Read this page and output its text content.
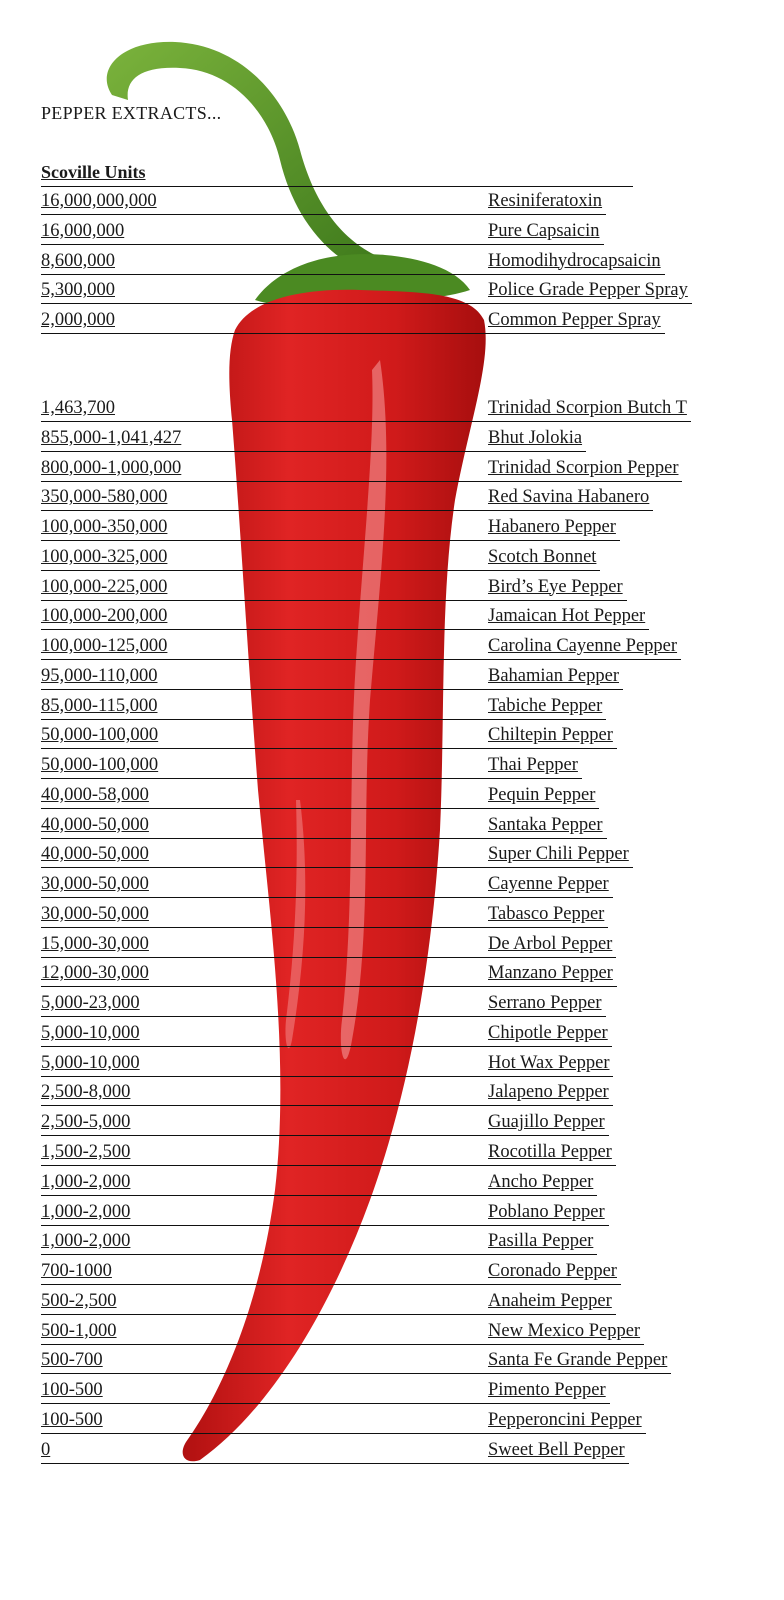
PEPPER EXTRACTS...
Scoville Units
16,000,000,000	Resiniferatoxin
16,000,000	Pure Capsaicin
8,600,000	Homodihydrocapsaicin
5,300,000	Police Grade Pepper Spray
2,000,000	Common Pepper Spray
1,463,700	Trinidad Scorpion Butch T
855,000-1,041,427	Bhut Jolokia
800,000-1,000,000	Trinidad Scorpion Pepper
350,000-580,000	Red Savina Habanero
100,000-350,000	Habanero Pepper
100,000-325,000	Scotch Bonnet
100,000-225,000	Bird’s Eye Pepper
100,000-200,000	Jamaican Hot Pepper
100,000-125,000	Carolina Cayenne Pepper
95,000-110,000	Bahamian Pepper
85,000-115,000	Tabiche Pepper
50,000-100,000	Chiltepin Pepper
50,000-100,000	Thai Pepper
40,000-58,000	Pequin Pepper
40,000-50,000	Santaka Pepper
40,000-50,000	Super Chili Pepper
30,000-50,000	Cayenne Pepper
30,000-50,000	Tabasco Pepper
15,000-30,000	De Arbol Pepper
12,000-30,000	Manzano Pepper
5,000-23,000	Serrano Pepper
5,000-10,000	Chipotle Pepper
5,000-10,000	Hot Wax Pepper
2,500-8,000	Jalapeno Pepper
2,500-5,000	Guajillo Pepper
1,500-2,500	Rocotilla Pepper
1,000-2,000	Ancho Pepper
1,000-2,000	Poblano Pepper
1,000-2,000	Pasilla Pepper
700-1000	Coronado Pepper
500-2,500	Anaheim Pepper
500-1,000	New Mexico Pepper
500-700	Santa Fe Grande Pepper
100-500	Pimento Pepper
100-500	Pepperoncini Pepper
0	Sweet Bell Pepper
